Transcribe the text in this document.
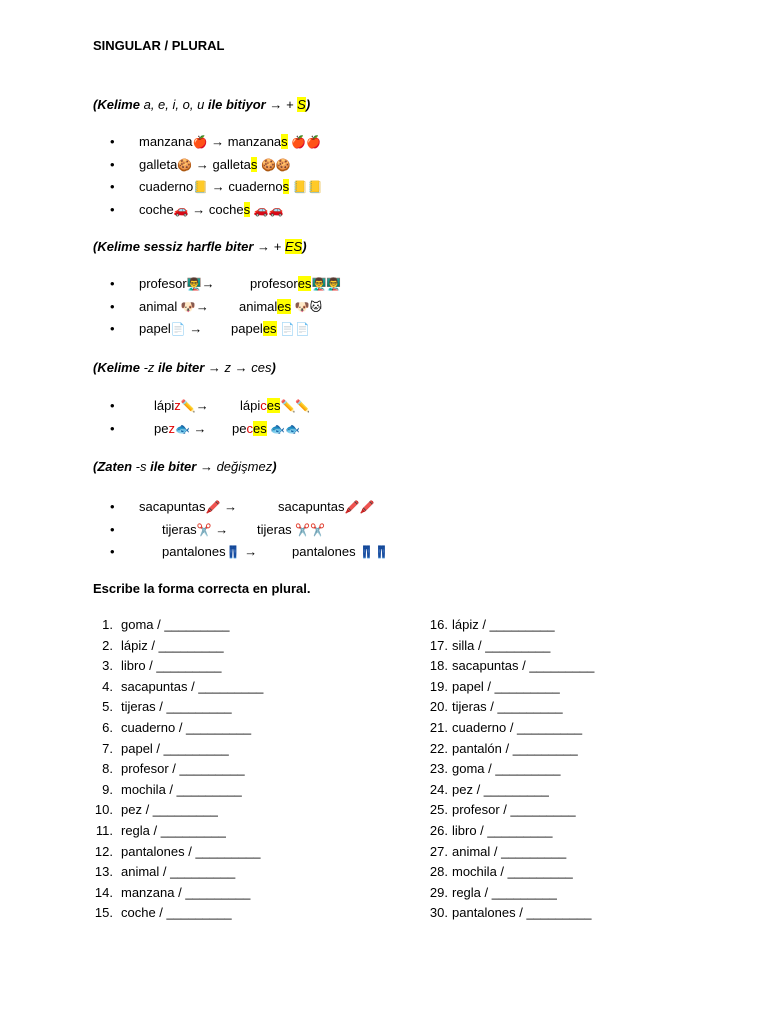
SINGULAR / PLURAL
(Kelime a, e, i, o, u ile bitiyor → + S)
manzana🍎 → manzanas 🍎🍎
galleta🍪 → galletas 🍪🍪
cuaderno📒 → cuadernos 📒📒
coche🚗 → coches 🚗🚗
(Kelime sessiz harfle biter → + ES)
profesor👨‍🏫→	profesores👨‍🏫👨‍🏫
animal 🐶→ animales 🐶🐱
papel📄 → papeles 📄📄
(Kelime -z ile biter → z → ces)
lápiz✏️→ lápices✏️✏️
pez🐟 → peces 🐟🐟
(Zaten -s ile biter → değişmez)
sacapuntas🖍️ →	sacapuntas🖍️🖍️
tijeras✂️ → tijeras ✂️✂️
pantalones👖 →	pantalones 👖👖
Escribe la forma correcta en plural.
1. goma / _________
2. lápiz / _________
3. libro / _________
4. sacapuntas / _________
5. tijeras / _________
6. cuaderno / _________
7. papel / _________
8. profesor / _________
9. mochila / _________
10. pez / _________
11. regla / _________
12. pantalones / _________
13. animal / _________
14. manzana / _________
15. coche / _________
16. lápiz / _________
17. silla / _________
18. sacapuntas / _________
19. papel / _________
20. tijeras / _________
21. cuaderno / _________
22. pantalón / _________
23. goma / _________
24. pez / _________
25. profesor / _________
26. libro / _________
27. animal / _________
28. mochila / _________
29. regla / _________
30. pantalones / _________
